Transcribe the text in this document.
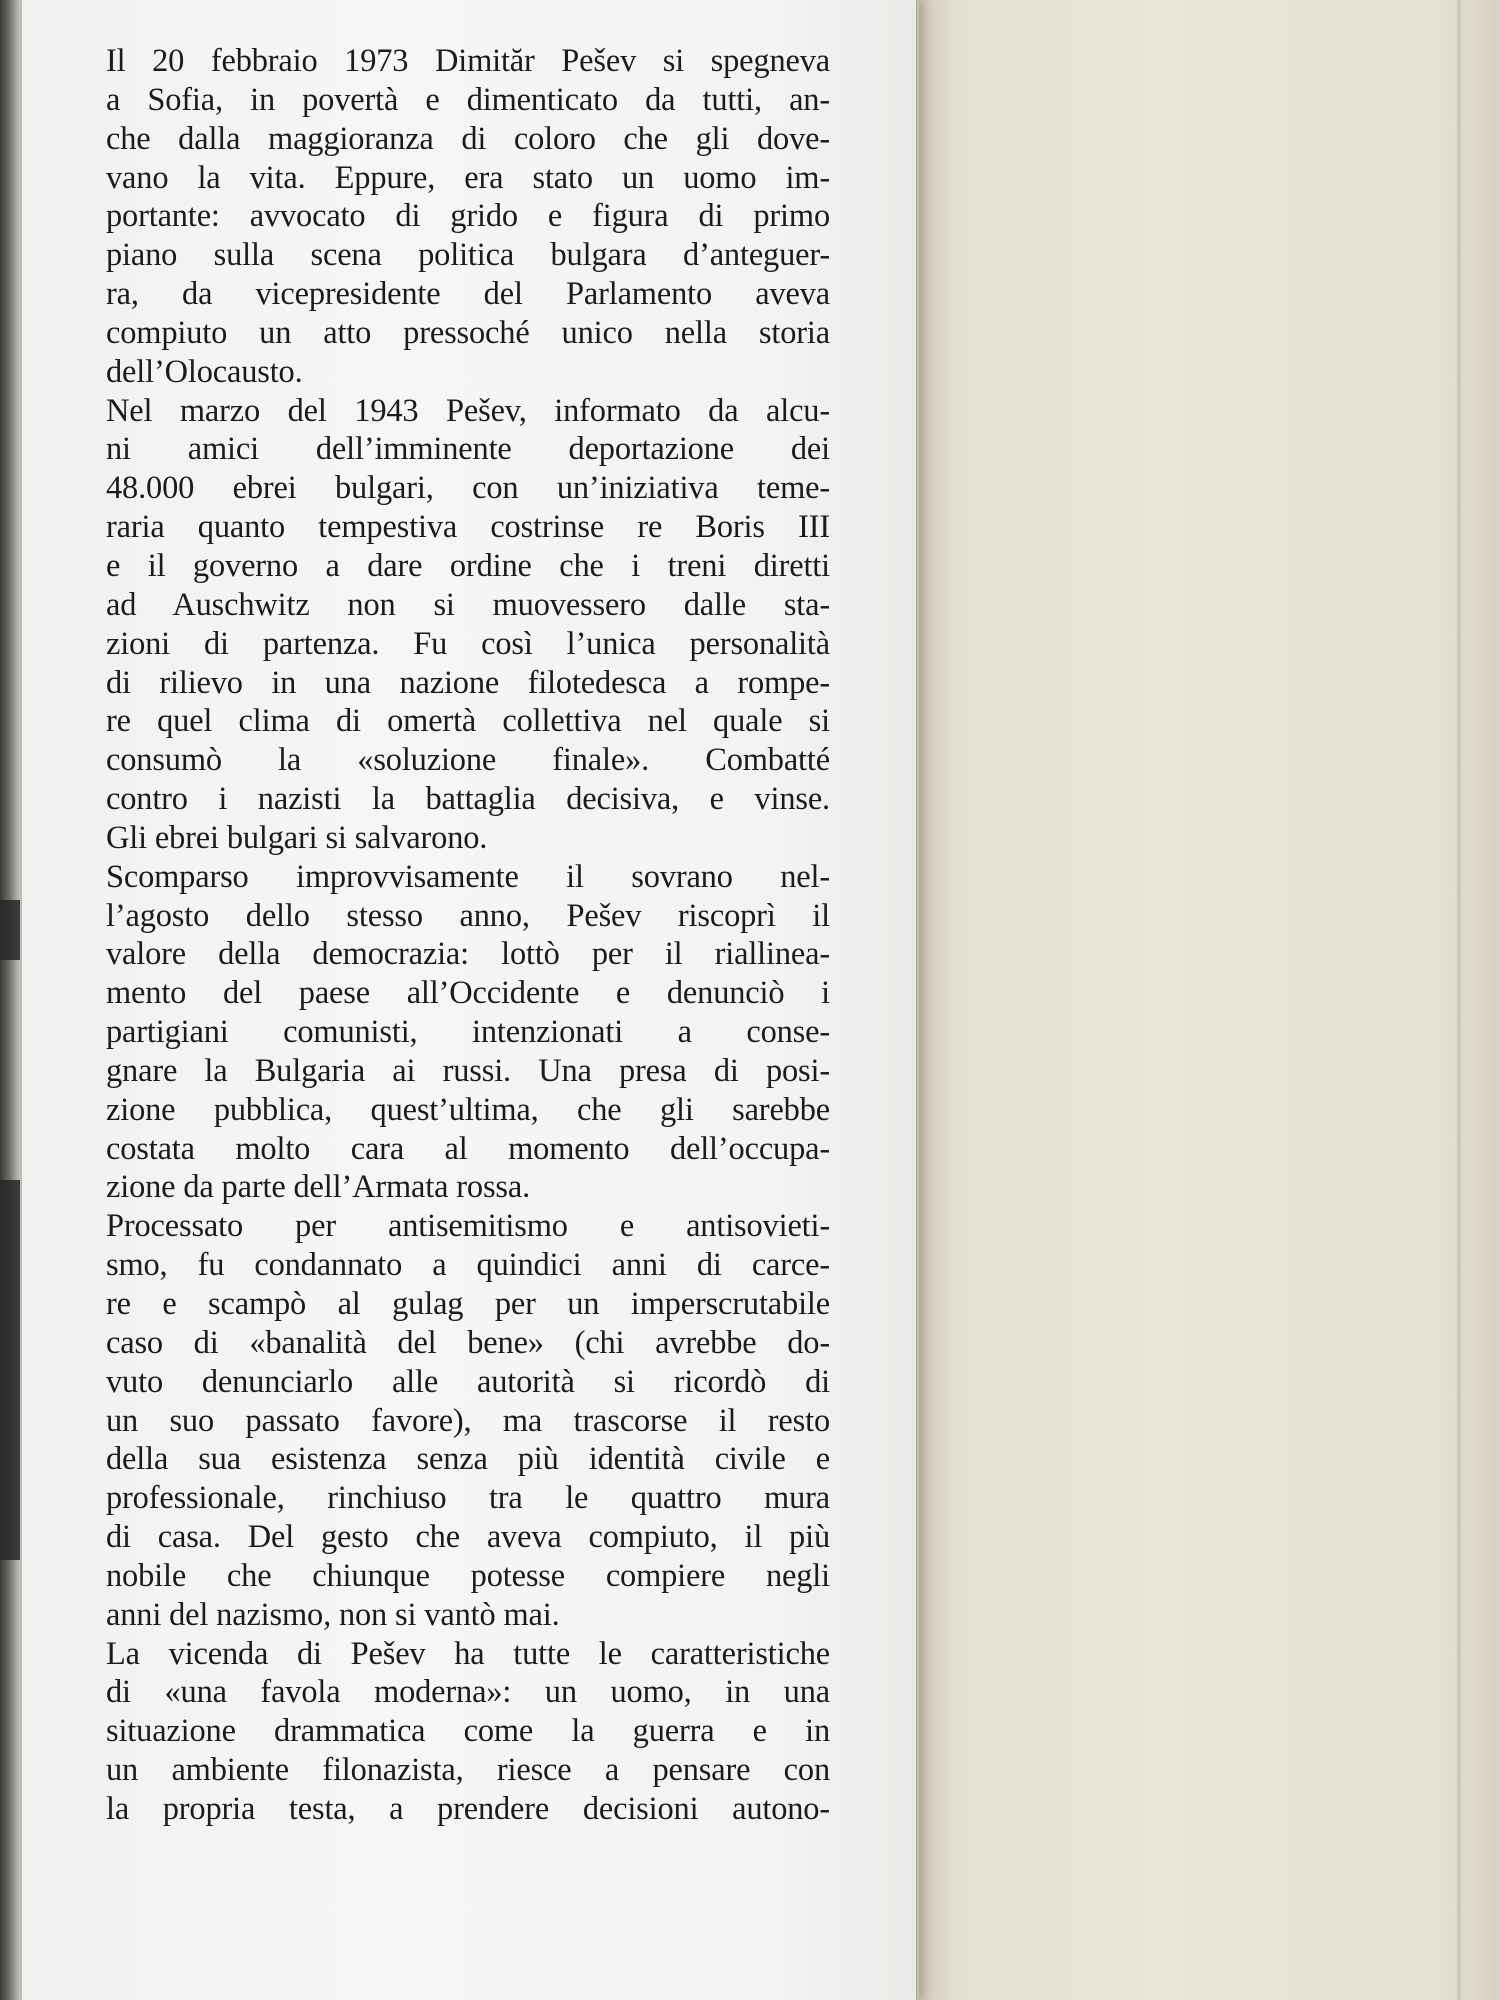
Il 20 febbraio 1973 Dimităr Pešev si spegneva
a Sofia, in povertà e dimenticato da tutti, an-
che dalla maggioranza di coloro che gli dove-
vano la vita. Eppure, era stato un uomo im-
portante: avvocato di grido e figura di primo
piano sulla scena politica bulgara d’anteguer-
ra, da vicepresidente del Parlamento aveva
compiuto un atto pressoché unico nella storia
dell’Olocausto.
Nel marzo del 1943 Pešev, informato da alcu-
ni amici dell’imminente deportazione dei
48.000 ebrei bulgari, con un’iniziativa teme-
raria quanto tempestiva costrinse re Boris III
e il governo a dare ordine che i treni diretti
ad Auschwitz non si muovessero dalle sta-
zioni di partenza. Fu così l’unica personalità
di rilievo in una nazione filotedesca a rompe-
re quel clima di omertà collettiva nel quale si
consumò la «soluzione finale». Combatté
contro i nazisti la battaglia decisiva, e vinse.
Gli ebrei bulgari si salvarono.
Scomparso improvvisamente il sovrano nel-
l’agosto dello stesso anno, Pešev riscoprì il
valore della democrazia: lottò per il riallinea-
mento del paese all’Occidente e denunciò i
partigiani comunisti, intenzionati a conse-
gnare la Bulgaria ai russi. Una presa di posi-
zione pubblica, quest’ultima, che gli sarebbe
costata molto cara al momento dell’occupa-
zione da parte dell’Armata rossa.
Processato per antisemitismo e antisovieti-
smo, fu condannato a quindici anni di carce-
re e scampò al gulag per un imperscrutabile
caso di «banalità del bene» (chi avrebbe do-
vuto denunciarlo alle autorità si ricordò di
un suo passato favore), ma trascorse il resto
della sua esistenza senza più identità civile e
professionale, rinchiuso tra le quattro mura
di casa. Del gesto che aveva compiuto, il più
nobile che chiunque potesse compiere negli
anni del nazismo, non si vantò mai.
La vicenda di Pešev ha tutte le caratteristiche
di «una favola moderna»: un uomo, in una
situazione drammatica come la guerra e in
un ambiente filonazista, riesce a pensare con
la propria testa, a prendere decisioni autono-
